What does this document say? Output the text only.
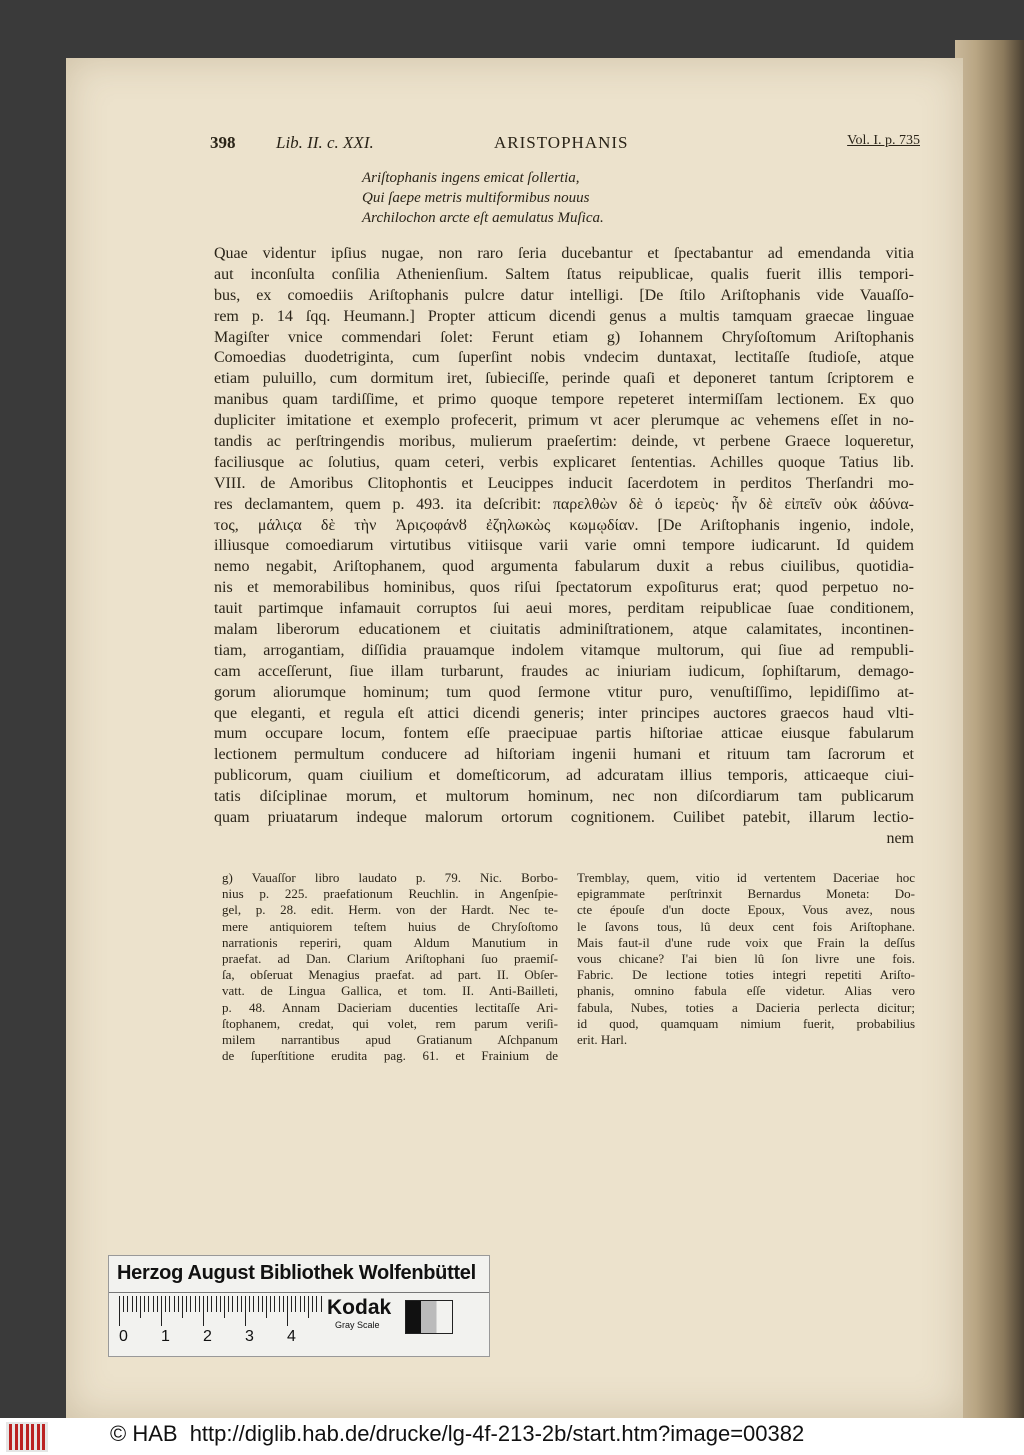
398 Lib. II. c. XXI.	ARISTOPHANIS	Vol. I. p. 735
Ariſtophanis ingens emicat ſollertia,
Qui ſaepe metris multiformibus nouus
Archilochon arcte eſt aemulatus Muſica.
Quae videntur ipſius nugae, non raro ſeria ducebantur et ſpectabantur ad emendanda vitia
aut inconſulta conſilia Athenienſium. Saltem ſtatus reipublicae, qualis fuerit illis tempori-
bus, ex comoediis Ariſtophanis pulcre datur intelligi. [De ſtilo Ariſtophanis vide Vauaſſo-
rem p. 14 ſqq. Heumann.] Propter atticum dicendi genus a multis tamquam graecae linguae
Magiſter vnice commendari ſolet: Ferunt etiam g) Iohannem Chryſoſtomum Ariſtophanis
Comoedias duodetriginta, cum ſuperſint nobis vndecim duntaxat, lectitaſſe ſtudioſe, atque
etiam puluillo, cum dormitum iret, ſubieciſſe, perinde quaſi et deponeret tantum ſcriptorem e
manibus quam tardiſſime, et primo quoque tempore repeteret intermiſſam lectionem. Ex quo
dupliciter imitatione et exemplo profecerit, primum vt acer plerumque ac vehemens eſſet in no-
tandis ac perſtringendis moribus, mulierum praeſertim: deinde, vt perbene Graece loqueretur,
faciliusque ac ſolutius, quam ceteri, verbis explicaret ſententias. Achilles quoque Tatius lib.
VIII. de Amoribus Clitophontis et Leucippes inducit ſacerdotem in perditos Therſandri mo-
res declamantem, quem p. 493. ita deſcribit: παρελθὼν δὲ ὁ ἱερεὺς· ἦν δὲ εἰπεῖν οὐκ ἀδύνα-
τος, μάλιϛα δὲ τὴν Ἀριϛοφάνȣ ἐζηλωκὼς κωμῳδίαν. [De Ariſtophanis ingenio, indole,
illiusque comoediarum virtutibus vitiisque varii varie omni tempore iudicarunt. Id quidem
nemo negabit, Ariſtophanem, quod argumenta fabularum duxit a rebus ciuilibus, quotidia-
nis et memorabilibus hominibus, quos riſui ſpectatorum expoſiturus erat; quod perpetuo no-
tauit partimque infamauit corruptos ſui aeui mores, perditam reipublicae ſuae conditionem,
malam liberorum educationem et ciuitatis adminiſtrationem, atque calamitates, incontinen-
tiam, arrogantiam, diſſidia prauamque indolem vitamque multorum, qui ſiue ad rempubli-
cam acceſſerunt, ſiue illam turbarunt, fraudes ac iniuriam iudicum, ſophiſtarum, demago-
gorum aliorumque hominum; tum quod ſermone vtitur puro, venuſtiſſimo, lepidiſſimo at-
que eleganti, et regula eſt attici dicendi generis; inter principes auctores graecos haud vlti-
mum occupare locum, fontem eſſe praecipuae partis hiſtoriae atticae eiusque fabularum
lectionem permultum conducere ad hiſtoriam ingenii humani et rituum tam ſacrorum et
publicorum, quam ciuilium et domeſticorum, ad adcuratam illius temporis, atticaeque ciui-
tatis diſciplinae morum, et multorum hominum, nec non diſcordiarum tam publicarum
quam priuatarum indeque malorum ortorum cognitionem. Cuilibet patebit, illarum lectio-
nem
g) Vauaſſor libro laudato p. 79. Nic. Borbo-
nius p. 225. praefationum Reuchlin. in Angenſpie-
gel, p. 28. edit. Herm. von der Hardt. Nec te-
mere antiquiorem teſtem huius de Chryſoſtomo
narrationis reperiri, quam Aldum Manutium in
praefat. ad Dan. Clarium Ariſtophani ſuo praemiſ-
ſa, obſeruat Menagius praefat. ad part. II. Obſer-
vatt. de Lingua Gallica, et tom. II. Anti-Bailleti,
p. 48. Annam Dacieriam ducenties lectitaſſe Ari-
ſtophanem, credat, qui volet, rem parum veriſi-
milem narrantibus apud Gratianum Aſchpanum
de ſuperſtitione erudita pag. 61. et Frainium de
Tremblay, quem, vitio id vertentem Daceriae hoc
epigrammate perſtrinxit Bernardus Moneta: Do-
cte épouſe d'un docte Epoux, Vous avez, nous
le ſavons tous, lû deux cent fois Ariſtophane.
Mais faut-il d'une rude voix que Frain la deſſus
vous chicane? I'ai bien lû ſon livre une fois.
Fabric. De lectione toties integri repetiti Ariſto-
phanis, omnino fabula eſſe videtur. Alias vero
fabula, Nubes, toties a Dacieria perlecta dicitur;
id quod, quamquam nimium fuerit, probabilius
erit. Harl.
Herzog August Bibliothek Wolfenbüttel
0 1 2 3 4
Kodak
Gray Scale
© HAB http://diglib.hab.de/drucke/lg-4f-213-2b/start.htm?image=00382
